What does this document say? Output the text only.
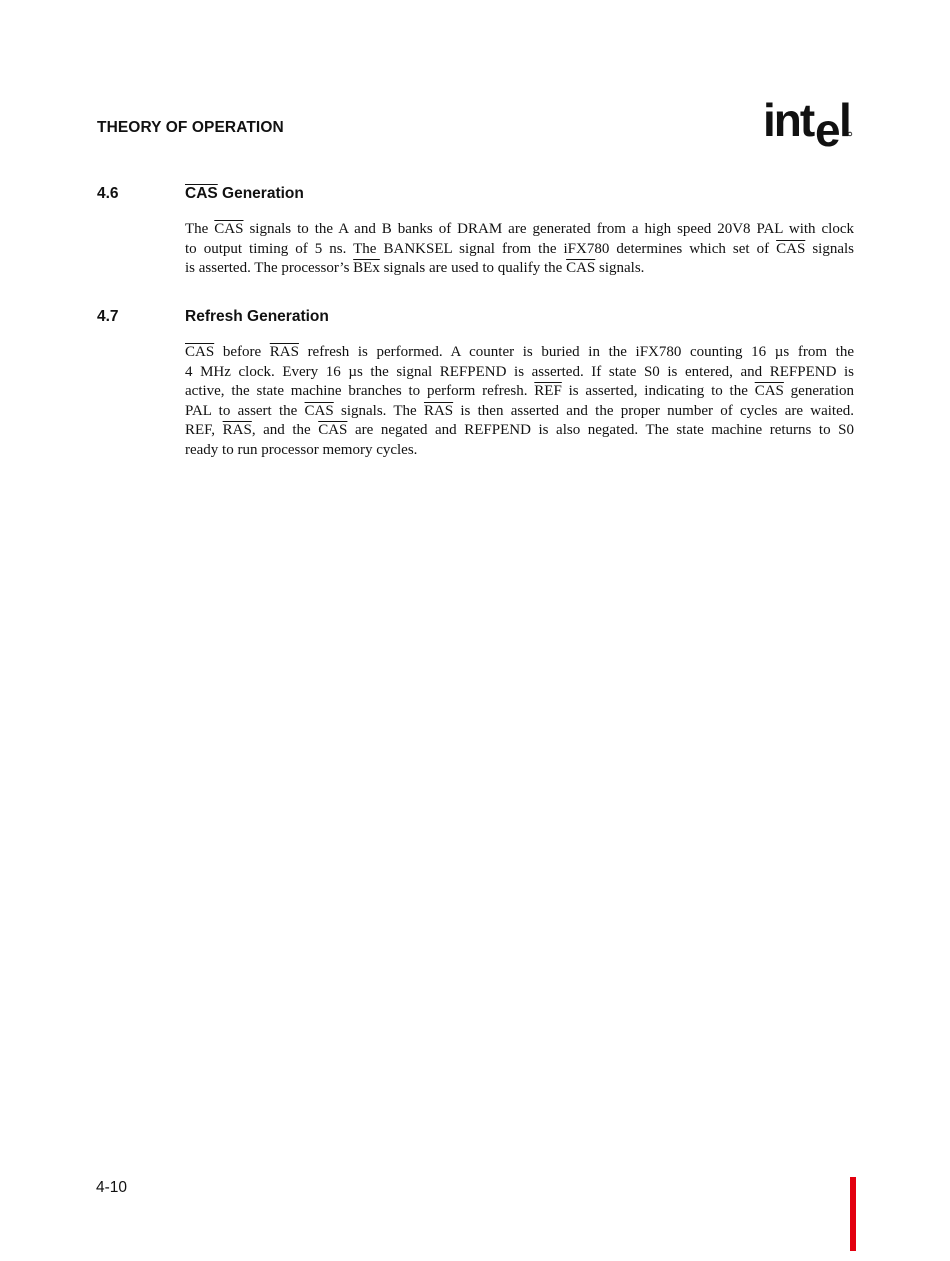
THEORY OF OPERATION	int e
l
4.6	$\overline{CAS}$ Generation
The $\overline{CAS}$ signals to the A and B banks of DRAM are generated from a high speed 20V8 PAL with clock
to output timing of 5 ns. The BANKSEL signal from the iFX780 determines which set of $\overline{CAS}$ signals
is asserted. The processor’s $\overline{BEx}$ signals are used to qualify the $\overline{CAS}$ signals.
4.7	Refresh Generation
$\overline{CAS}$ before $\overline{RAS}$ refresh is performed. A counter is buried in the iFX780 counting 16 µs from the
4 MHz clock. Every 16 µs the signal REFPEND is asserted. If state S0 is entered, and REFPEND is
active, the state machine branches to perform refresh. $\overline{REF}$ is asserted, indicating to the $\overline{CAS}$ generation
PAL to assert the $\overline{CAS}$ signals. The $\overline{RAS}$ is then asserted and the proper number of cycles are waited.
REF, $\overline{RAS}$, and the $\overline{CAS}$ are negated and REFPEND is also negated. The state machine returns to S0
ready to run processor memory cycles.
4-10
